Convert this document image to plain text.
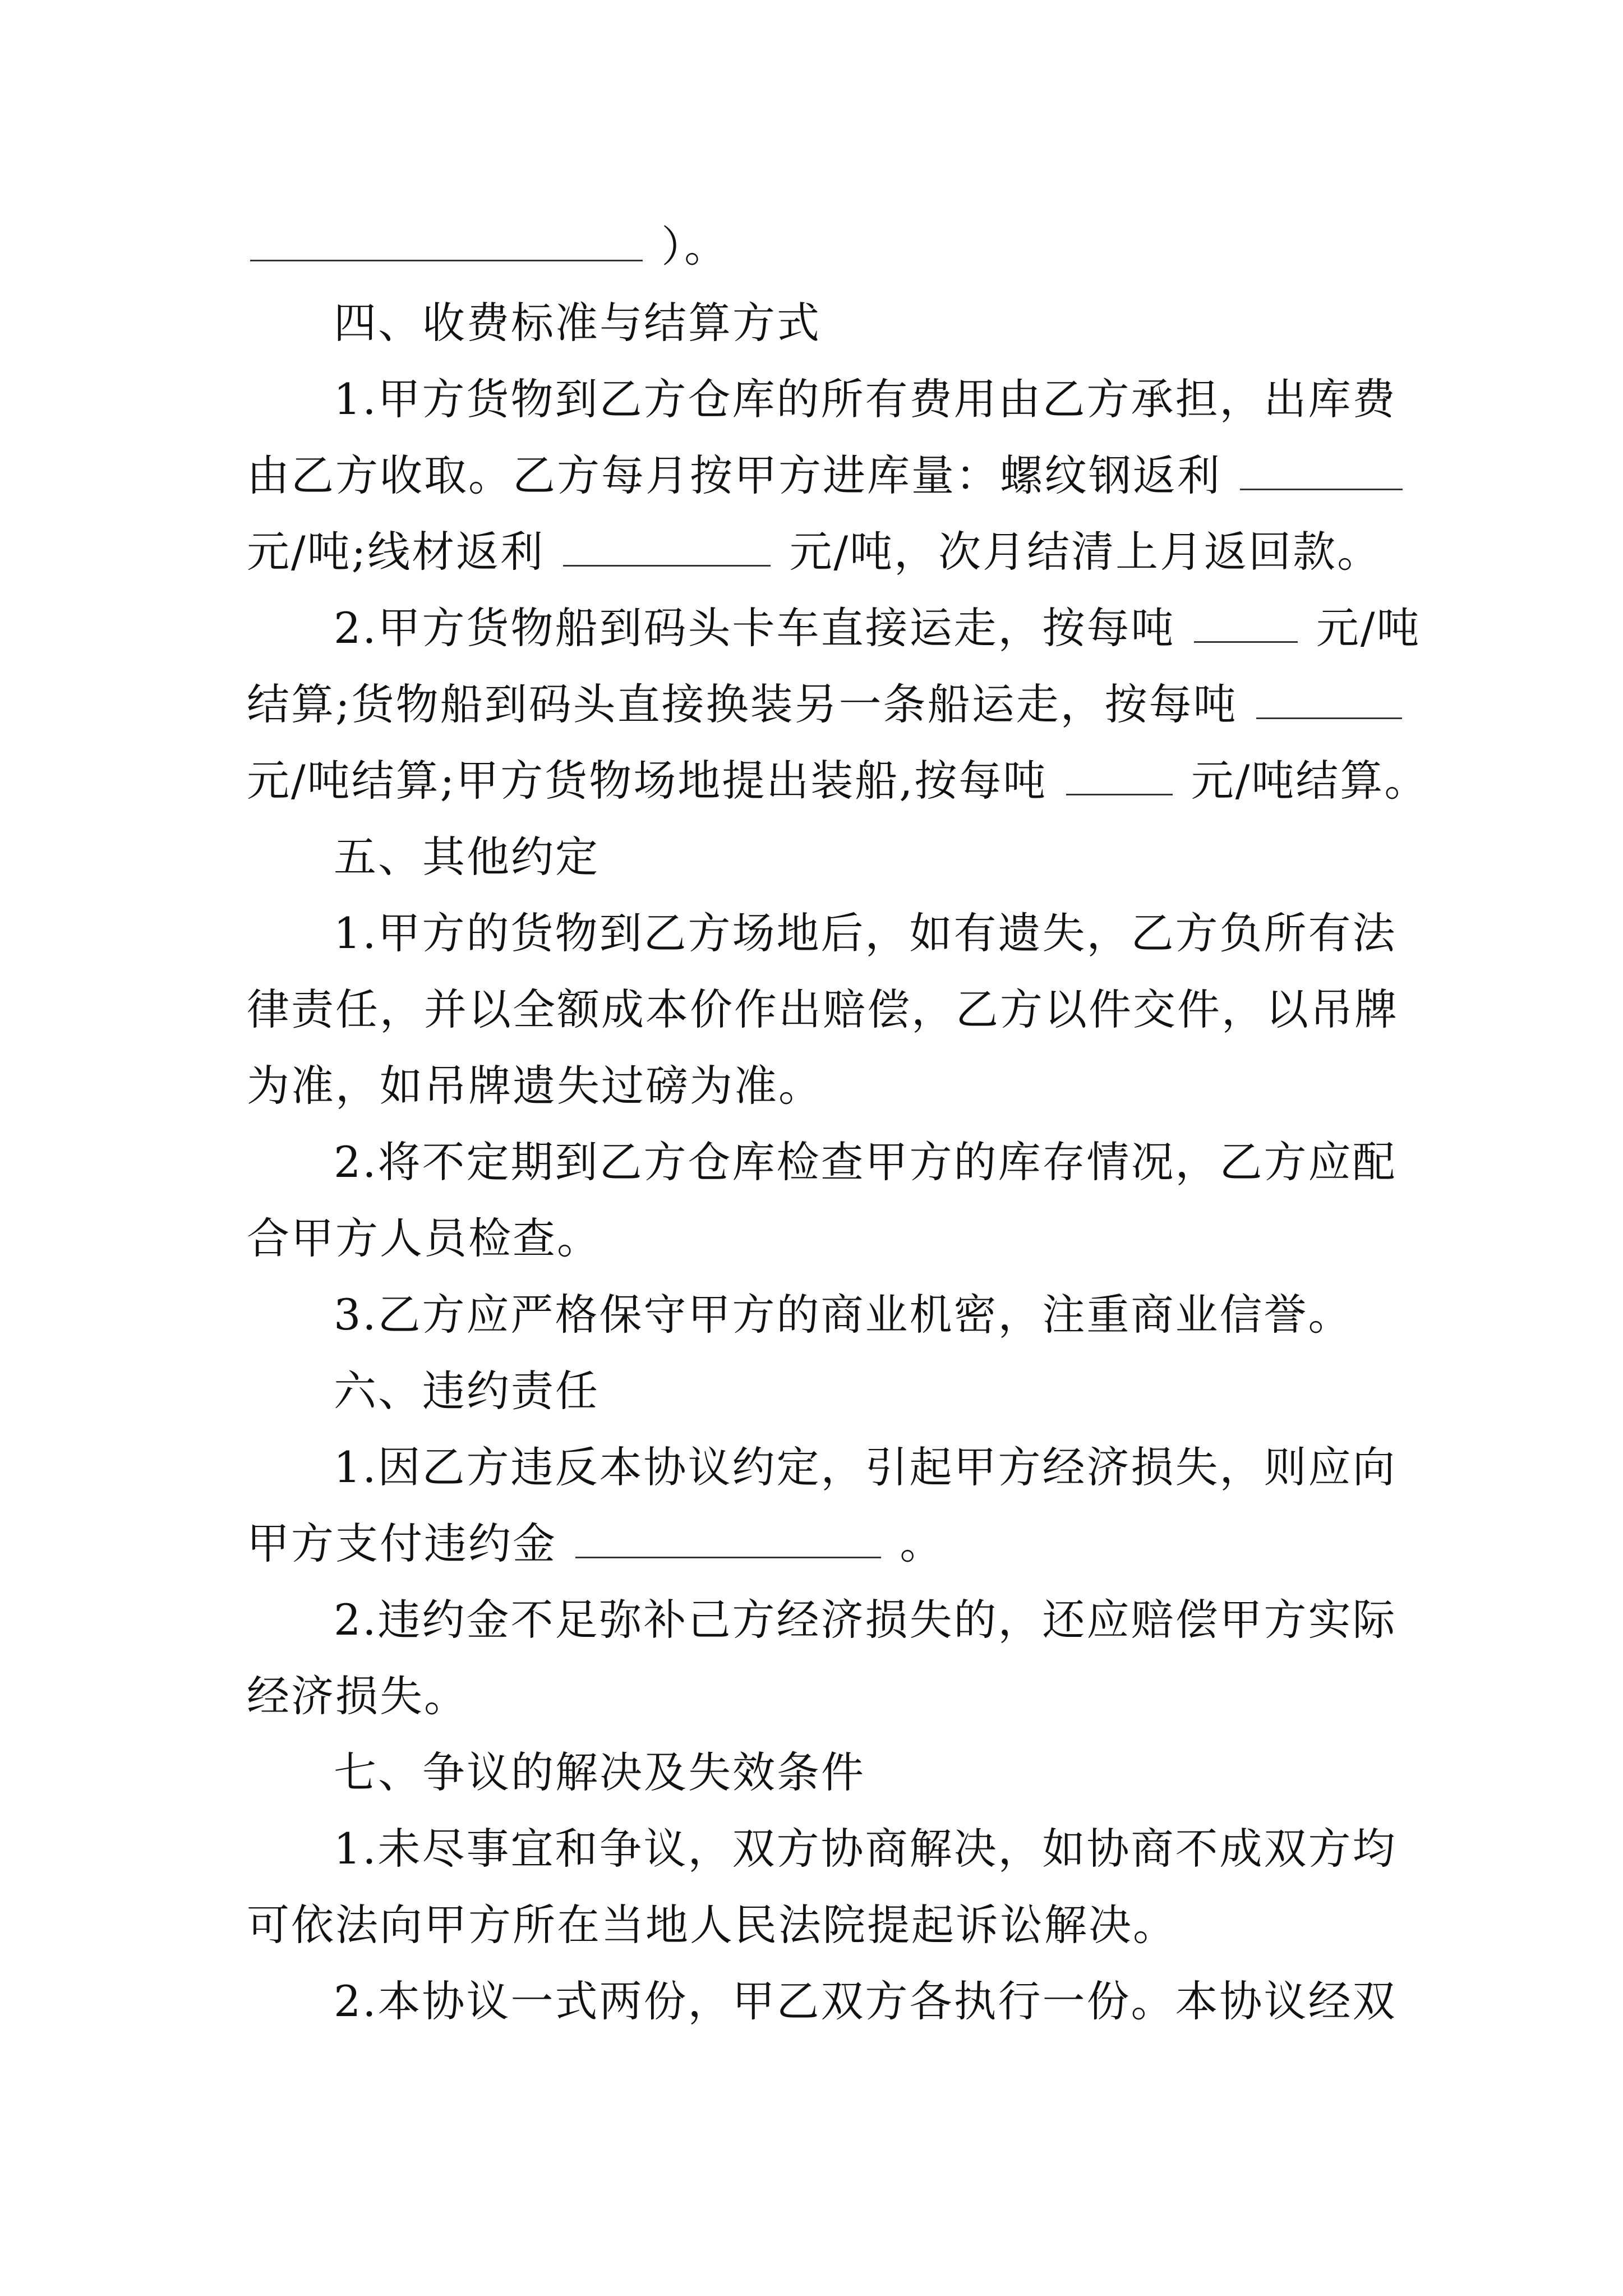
）。
四、收费标准与结算方式
1.甲方货物到乙方仓库的所有费用由乙方承担，出库费
由乙方收取。乙方每月按甲方进库量：螺纹钢返利
元/吨;线材返利	元/吨，次月结清上月返回款。
2.甲方货物船到码头卡车直接运走，按每吨	元/吨
结算;货物船到码头直接换装另一条船运走，按每吨
元/吨结算;甲方货物场地提出装船,按每吨	元/吨结算。
五、其他约定
1.甲方的货物到乙方场地后，如有遗失，乙方负所有法
律责任，并以全额成本价作出赔偿，乙方以件交件，以吊牌
为准，如吊牌遗失过磅为准。
2.将不定期到乙方仓库检查甲方的库存情况，乙方应配
合甲方人员检查。
3.乙方应严格保守甲方的商业机密，注重商业信誉。
六、违约责任
1.因乙方违反本协议约定，引起甲方经济损失，则应向
甲方支付违约金	。
2.违约金不足弥补己方经济损失的，还应赔偿甲方实际
经济损失。
七、争议的解决及失效条件
1.未尽事宜和争议，双方协商解决，如协商不成双方均
可依法向甲方所在当地人民法院提起诉讼解决。
2.本协议一式两份，甲乙双方各执行一份。本协议经双
